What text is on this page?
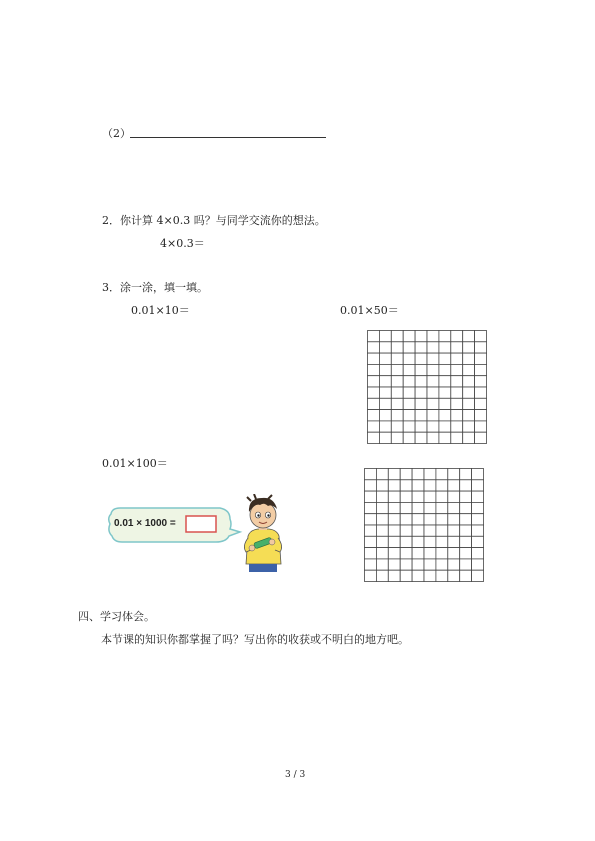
（2）
2．你计算 4×0.3 吗？与同学交流你的想法。
4×0.3＝
3．涂一涂，填一填。
0.01×10＝	0.01×50＝
0.01×100＝
0.01 × 1000 =
四、学习体会。
本节课的知识你都掌握了吗？写出你的收获或不明白的地方吧。
3 / 3
